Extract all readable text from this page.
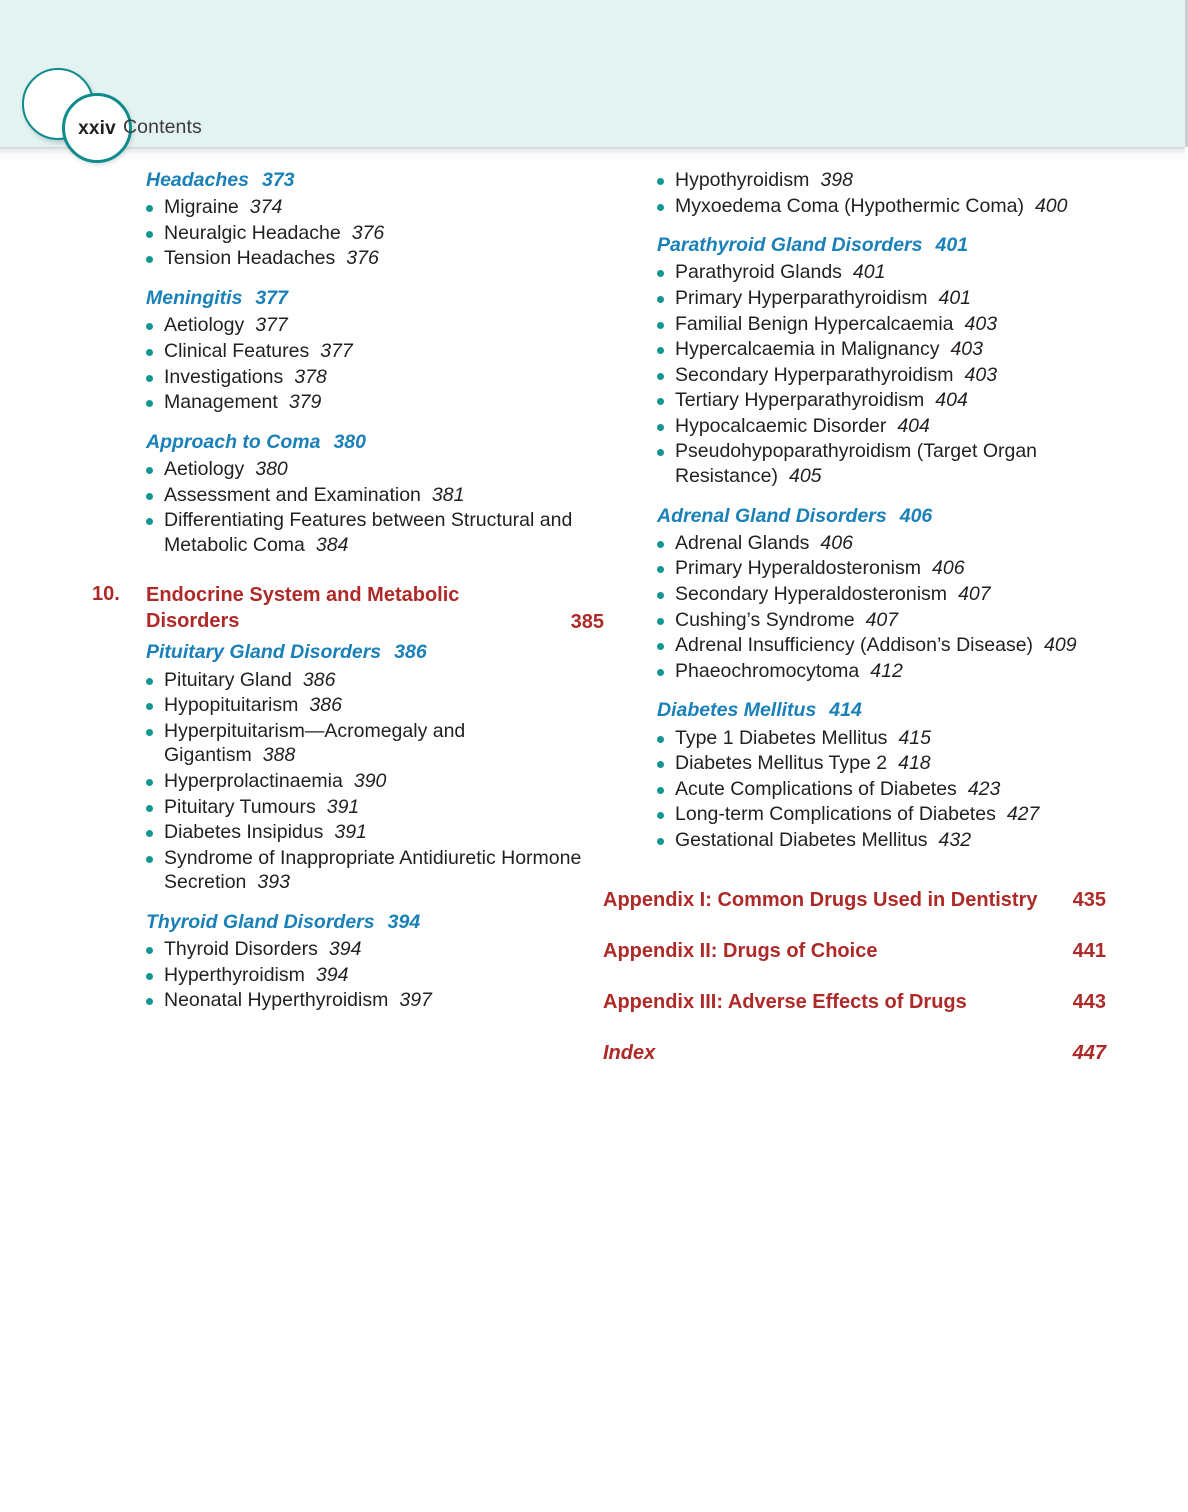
xxiv Contents
Headaches 373
Migraine 374
Neuralgic Headache 376
Tension Headaches 376
Meningitis 377
Aetiology 377
Clinical Features 377
Investigations 378
Management 379
Approach to Coma 380
Aetiology 380
Assessment and Examination 381
Differentiating Features between Structural and Metabolic Coma 384
10.	Endocrine System and Metabolic Disorders	385
Pituitary Gland Disorders 386
Pituitary Gland 386
Hypopituitarism 386
Hyperpituitarism—Acromegaly and Gigantism 388
Hyperprolactinaemia 390
Pituitary Tumours 391
Diabetes Insipidus 391
Syndrome of Inappropriate Antidiuretic Hormone Secretion 393
Thyroid Gland Disorders 394
Thyroid Disorders 394
Hyperthyroidism 394
Neonatal Hyperthyroidism 397
Hypothyroidism 398
Myxoedema Coma (Hypothermic Coma) 400
Parathyroid Gland Disorders 401
Parathyroid Glands 401
Primary Hyperparathyroidism 401
Familial Benign Hypercalcaemia 403
Hypercalcaemia in Malignancy 403
Secondary Hyperparathyroidism 403
Tertiary Hyperparathyroidism 404
Hypocalcaemic Disorder 404
Pseudohypoparathyroidism (Target Organ Resistance) 405
Adrenal Gland Disorders 406
Adrenal Glands 406
Primary Hyperaldosteronism 406
Secondary Hyperaldosteronism 407
Cushing’s Syndrome 407
Adrenal Insufficiency (Addison’s Disease) 409
Phaeochromocytoma 412
Diabetes Mellitus 414
Type 1 Diabetes Mellitus 415
Diabetes Mellitus Type 2 418
Acute Complications of Diabetes 423
Long-term Complications of Diabetes 427
Gestational Diabetes Mellitus 432
Appendix I: Common Drugs Used in Dentistry	435
Appendix II: Drugs of Choice	441
Appendix III: Adverse Effects of Drugs	443
Index	447
